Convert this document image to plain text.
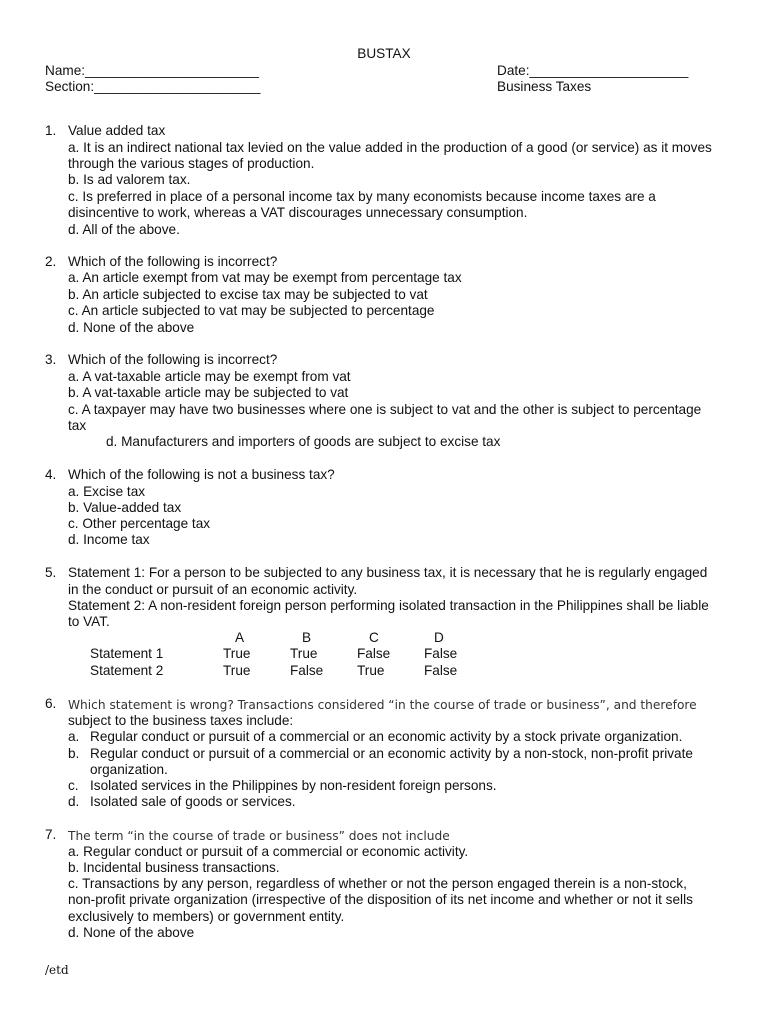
BUSTAX
Name:_______________________	Date:_____________________
Section:______________________	Business Taxes
1. Value added tax
a. It is an indirect national tax levied on the value added in the production of a good (or service) as it moves
through the various stages of production.
b. Is ad valorem tax.
c. Is preferred in place of a personal income tax by many economists because income taxes are a
disincentive to work, whereas a VAT discourages unnecessary consumption.
d. All of the above.
2. Which of the following is incorrect?
a. An article exempt from vat may be exempt from percentage tax
b. An article subjected to excise tax may be subjected to vat
c. An article subjected to vat may be subjected to percentage
d. None of the above
3. Which of the following is incorrect?
a. A vat-taxable article may be exempt from vat
b. A vat-taxable article may be subjected to vat
c. A taxpayer may have two businesses where one is subject to vat and the other is subject to percentage
tax
d. Manufacturers and importers of goods are subject to excise tax
4. Which of the following is not a business tax?
a. Excise tax
b. Value-added tax
c. Other percentage tax
d. Income tax
5. Statement 1: For a person to be subjected to any business tax, it is necessary that he is regularly engaged
in the conduct or pursuit of an economic activity.
Statement 2: A non-resident foreign person performing isolated transaction in the Philippines shall be liable
to VAT.
	A	B	C	D
Statement 1	True	True	False	False
Statement 2	True	False	True	False
6. Which statement is wrong? Transactions considered “in the course of trade or business”, and therefore
subject to the business taxes include:
a. Regular conduct or pursuit of a commercial or an economic activity by a stock private organization.
b. Regular conduct or pursuit of a commercial or an economic activity by a non-stock, non-profit private
organization.
c. Isolated services in the Philippines by non-resident foreign persons.
d. Isolated sale of goods or services.
7. The term “in the course of trade or business” does not include
a. Regular conduct or pursuit of a commercial or economic activity.
b. Incidental business transactions.
c. Transactions by any person, regardless of whether or not the person engaged therein is a non-stock,
non-profit private organization (irrespective of the disposition of its net income and whether or not it sells
exclusively to members) or government entity.
d. None of the above
/etd
